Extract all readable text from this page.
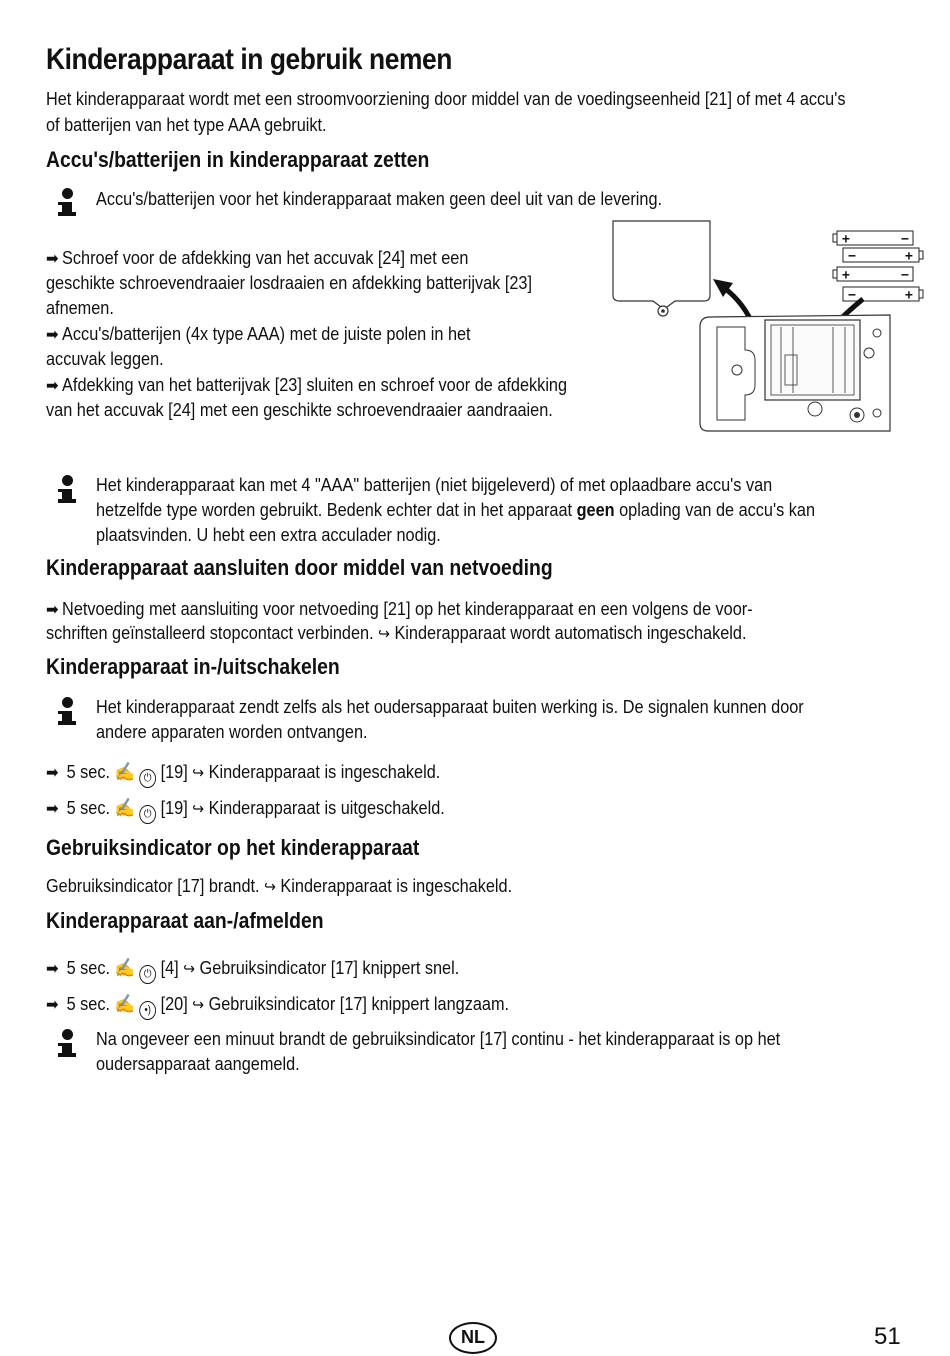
Kinderapparaat in gebruik nemen
Het kinderapparaat wordt met een stroomvoorziening door middel van de voedingseenheid [21] of met 4 accu's
of batterijen van het type AAA gebruikt.
Accu's/batterijen in kinderapparaat zetten
Accu's/batterijen voor het kinderapparaat maken geen deel uit van de levering.
➡ Schroef voor de afdekking van het accuvak [24] met een
geschikte schroevendraaier losdraaien en afdekking batterijvak [23]
afnemen.
➡ Accu's/batterijen (4x type AAA) met de juiste polen in het
accuvak leggen.
➡ Afdekking van het batterijvak [23] sluiten en schroef voor de afdekking
van het accuvak [24] met een geschikte schroevendraaier aandraaien.
+	−
−	+
+	−
−	+
Het kinderapparaat kan met 4 "AAA" batterijen (niet bijgeleverd) of met oplaadbare accu's van
hetzelfde type worden gebruikt. Bedenk echter dat in het apparaat geen oplading van de accu's kan
plaatsvinden. U hebt een extra acculader nodig.
Kinderapparaat aansluiten door middel van netvoeding
➡ Netvoeding met aansluiting voor netvoeding [21] op het kinderapparaat en een volgens de voor-
schriften geïnstalleerd stopcontact verbinden. ↪ Kinderapparaat wordt automatisch ingeschakeld.
Kinderapparaat in-/uitschakelen
Het kinderapparaat zendt zelfs als het oudersapparaat buiten werking is. De signalen kunnen door
andere apparaten worden ontvangen.
➡ 5 sec. ✍ ⏻ [19] ↪ Kinderapparaat is ingeschakeld.
➡ 5 sec. ✍ ⏻ [19] ↪ Kinderapparaat is uitgeschakeld.
Gebruiksindicator op het kinderapparaat
Gebruiksindicator [17] brandt. ↪ Kinderapparaat is ingeschakeld.
Kinderapparaat aan-/afmelden
➡ 5 sec. ✍ ⏻ [4] ↪ Gebruiksindicator [17] knippert snel.
➡ 5 sec. ✍ •) [20] ↪ Gebruiksindicator [17] knippert langzaam.
Na ongeveer een minuut brandt de gebruiksindicator [17] continu - het kinderapparaat is op het
oudersapparaat aangemeld.
NL	51
